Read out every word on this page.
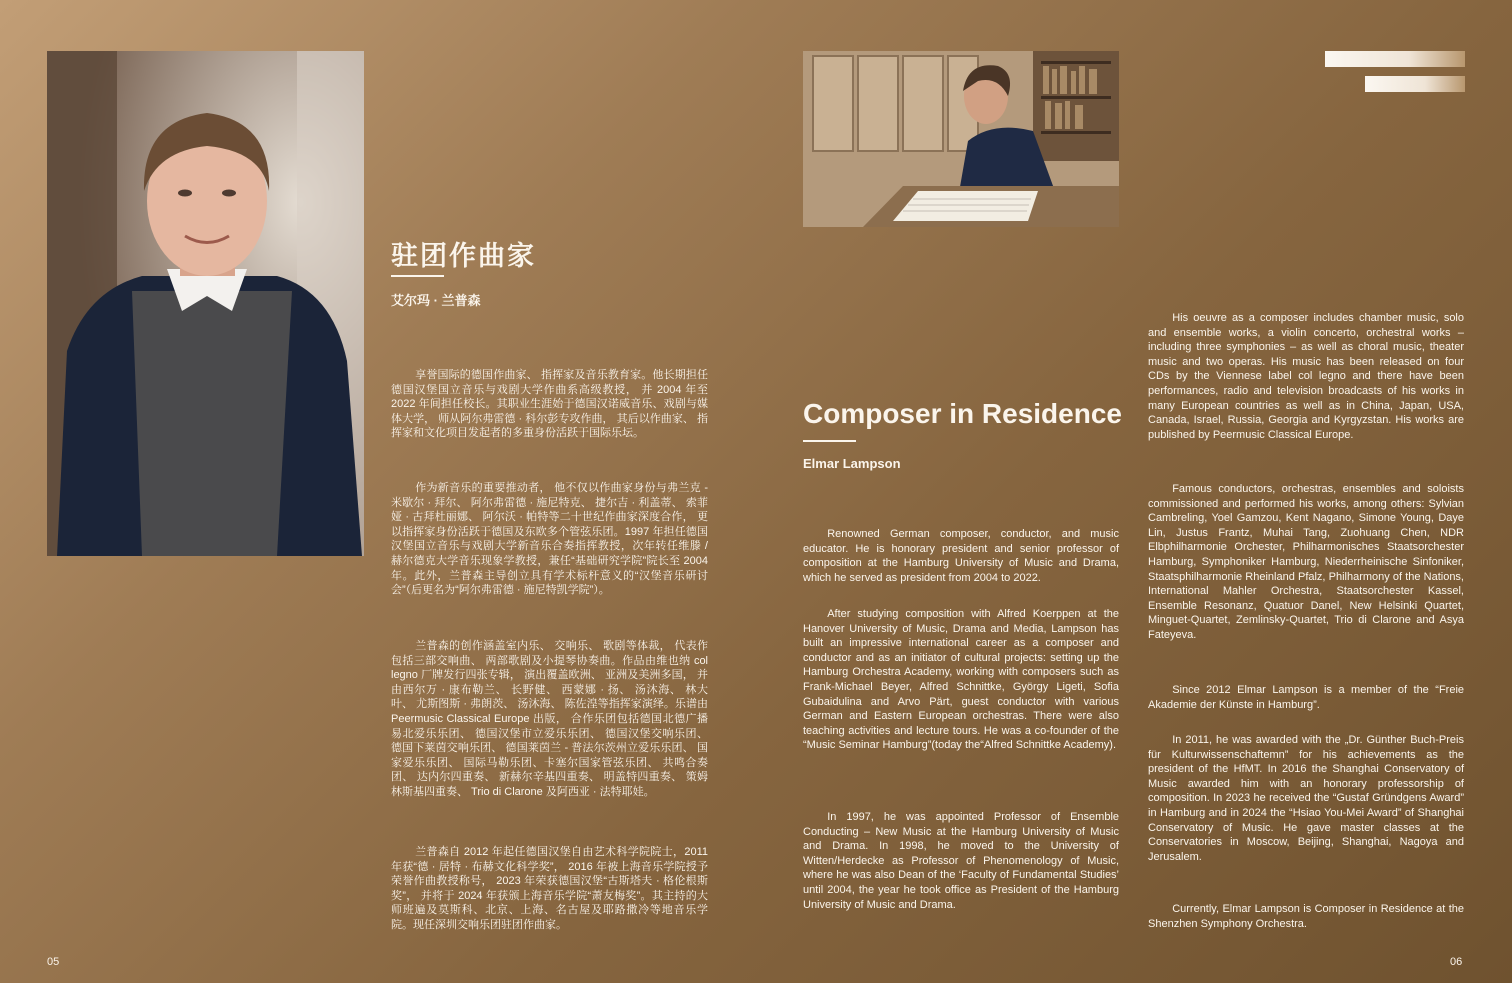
驻团作曲家
艾尔玛 · 兰普森

享誉国际的德国作曲家、 指挥家及音乐教育家。他长期担任德国汉堡国立音乐与戏剧大学作曲系高级教授， 并 2004 年至 2022 年间担任校长。其职业生涯始于德国汉诺威音乐、戏剧与媒体大学， 师从阿尔弗雷德 · 科尔彭专攻作曲， 其后以作曲家、 指挥家和文化项目发起者的多重身份活跃于国际乐坛。

作为新音乐的重要推动者， 他不仅以作曲家身份与弗兰克 - 米歇尔 · 拜尔、 阿尔弗雷德 · 施尼特克、 捷尔吉 · 利盖蒂、 索菲娅 · 古拜杜丽娜、 阿尔沃 · 帕特等二十世纪作曲家深度合作， 更以指挥家身份活跃于德国及东欧多个管弦乐团。1997 年担任德国汉堡国立音乐与戏剧大学新音乐合奏指挥教授，次年转任维滕 / 赫尔德克大学音乐现象学教授，兼任“基础研究学院”院长至 2004 年。此外，兰普森主导创立具有学术标杆意义的“汉堡音乐研讨会”（后更名为“阿尔弗雷德 · 施尼特凯学院”）。

兰普森的创作涵盖室内乐、 交响乐、 歌剧等体裁， 代表作包括三部交响曲、 两部歌剧及小提琴协奏曲。作品由维也纳 col legno 厂牌发行四张专辑， 演出覆盖欧洲、 亚洲及美洲多国， 并由西尔万 · 康布勒兰、 长野健、 西蒙娜 · 扬、 汤沐海、 林大叶、 尤斯图斯 · 弗朗茨、 汤沐海、 陈佐湟等指挥家演绎。乐谱由 Peermusic Classical Europe 出版， 合作乐团包括德国北德广播易北爱乐乐团、 德国汉堡市立爱乐乐团、 德国汉堡交响乐团、 德国下莱茵交响乐团、 德国莱茵兰 - 普法尔茨州立爱乐乐团、 国家爱乐乐团、 国际马勒乐团、卡塞尔国家管弦乐团、 共鸣合奏团、 达内尔四重奏、 新赫尔辛基四重奏、 明盖特四重奏、 策姆林斯基四重奏、 Trio di Clarone 及阿西亚 · 法特耶娃。

兰普森自 2012 年起任德国汉堡自由艺术科学院院士，2011 年获“德 · 居特 · 布赫文化科学奖”， 2016 年被上海音乐学院授予荣誉作曲教授称号， 2023 年荣获德国汉堡“古斯塔夫 · 格伦根斯奖”， 并将于 2024 年获颁上海音乐学院“萧友梅奖”。其主持的大师班遍及莫斯科、北京、上海、名古屋及耶路撒冷等地音乐学院。现任深圳交响乐团驻团作曲家。

05
Composer in Residence
Elmar Lampson

Renowned German composer, conductor, and music educator. He is honorary president and senior professor of composition at the Hamburg University of Music and Drama, which he served as president from 2004 to 2022.

After studying composition with Alfred Koerppen at the Hanover University of Music, Drama and Media, Lampson has built an impressive international career as a composer and conductor and as an initiator of cultural projects: setting up the Hamburg Orchestra Academy, working with composers such as Frank-Michael Beyer, Alfred Schnittke, György Ligeti, Sofia Gubaidulina and Arvo Pärt, guest conductor with various German and Eastern European orchestras. There were also teaching activities and lecture tours. He was a co-founder of the “Music Seminar Hamburg”(today the“Alfred Schnittke Academy).

In 1997, he was appointed Professor of Ensemble Conducting – New Music at the Hamburg University of Music and Drama. In 1998, he moved to the University of Witten/Herdecke as Professor of Phenomenology of Music, where he was also Dean of the ‘Faculty of Fundamental Studies’ until 2004, the year he took office as President of the Hamburg University of Music and Drama.

His oeuvre as a composer includes chamber music, solo and ensemble works, a violin concerto, orchestral works – including three symphonies – as well as choral music, theater music and two operas. His music has been released on four CDs by the Viennese label col legno and there have been performances, radio and television broadcasts of his works in many European countries as well as in China, Japan, USA, Canada, Israel, Russia, Georgia and Kyrgyzstan. His works are published by Peermusic Classical Europe.

Famous conductors, orchestras, ensembles and soloists commissioned and performed his works, among others: Sylvian Cambreling, Yoel Gamzou, Kent Nagano, Simone Young, Daye Lin, Justus Frantz, Muhai Tang, Zuohuang Chen, NDR Elbphilharmonie Orchester, Philharmonisches Staatsorchester Hamburg, Symphoniker Hamburg, Niederrheinische Sinfoniker, Staatsphilharmonie Rheinland Pfalz, Philharmony of the Nations, International Mahler Orchestra, Staatsorchester Kassel, Ensemble Resonanz, Quatuor Danel, New Helsinki Quartet, Minguet-Quartet, Zemlinsky-Quartet, Trio di Clarone and Asya Fateyeva.

Since 2012 Elmar Lampson is a member of the “Freie Akademie der Künste in Hamburg”.

In 2011, he was awarded with the „Dr. Günther Buch-Preis für Kulturwissenschaftemn” for his achievements as the president of the HfMT. In 2016 the Shanghai Conservatory of Music awarded him with an honorary professorship of composition. In 2023 he received the “Gustaf Gründgens Award” in Hamburg and in 2024 the “Hsiao You-Mei Award” of Shanghai Conservatory of Music. He gave master classes at the Conservatories in Moscow, Beijing, Shanghai, Nagoya and Jerusalem.

Currently, Elmar Lampson is Composer in Residence at the Shenzhen Symphony Orchestra.

06
